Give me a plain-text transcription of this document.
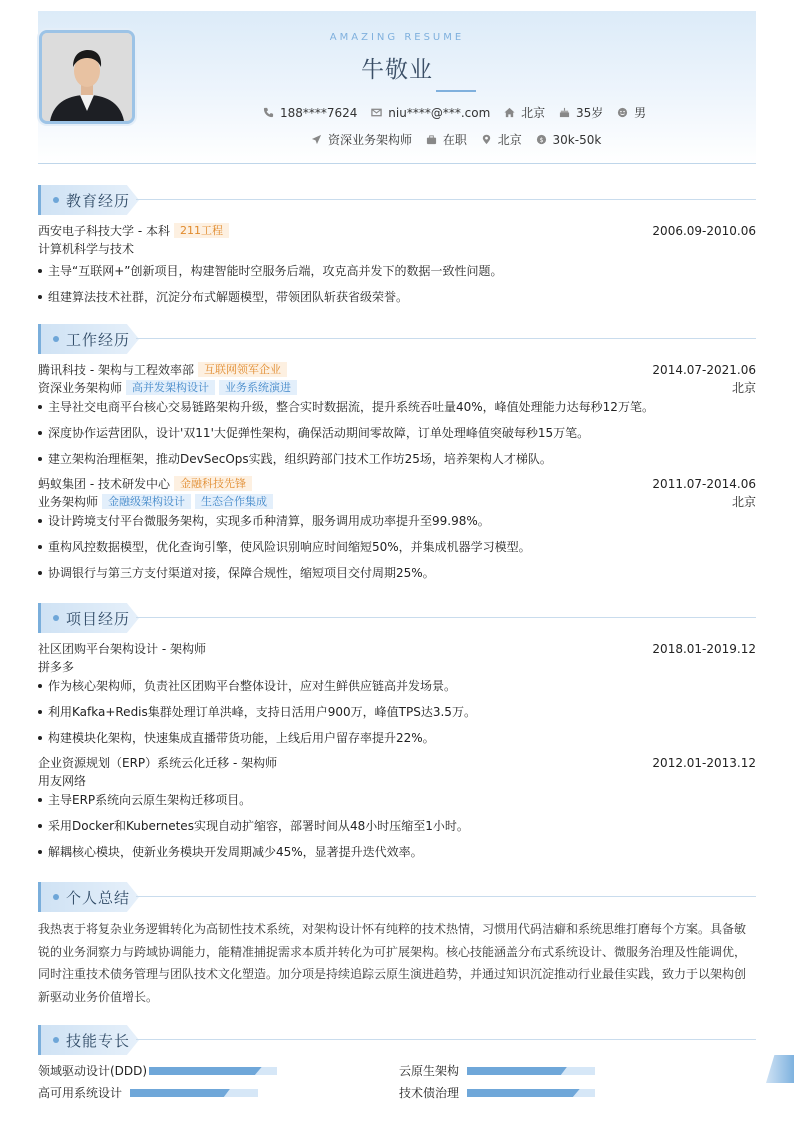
AMAZING RESUME
牛敬业
188****7624	niu****@***.com	北京	35岁	男
资深业务架构师	在职	北京 $ 30k-50k
教育经历
西安电子科技大学 - 本科 211工程	2006.09-2010.06
计算机科学与技术
主导“互联网+”创新项目，构建智能时空服务后端，攻克高并发下的数据一致性问题。
组建算法技术社群，沉淀分布式解题模型，带领团队斩获省级荣誉。
工作经历
腾讯科技 - 架构与工程效率部 互联网领军企业	2014.07-2021.06
资深业务架构师 高并发架构设计 业务系统演进	北京
主导社交电商平台核心交易链路架构升级，整合实时数据流，提升系统吞吐量40%，峰值处理能力达每秒12万笔。
深度协作运营团队，设计'双11'大促弹性架构，确保活动期间零故障，订单处理峰值突破每秒15万笔。
建立架构治理框架，推动DevSecOps实践，组织跨部门技术工作坊25场，培养架构人才梯队。
蚂蚁集团 - 技术研发中心 金融科技先锋	2011.07-2014.06
业务架构师 金融级架构设计 生态合作集成	北京
设计跨境支付平台微服务架构，实现多币种清算，服务调用成功率提升至99.98%。
重构风控数据模型，优化查询引擎，使风险识别响应时间缩短50%，并集成机器学习模型。
协调银行与第三方支付渠道对接，保障合规性，缩短项目交付周期25%。
项目经历
社区团购平台架构设计 - 架构师	2018.01-2019.12
拼多多
作为核心架构师，负责社区团购平台整体设计，应对生鲜供应链高并发场景。
利用Kafka+Redis集群处理订单洪峰，支持日活用户900万，峰值TPS达3.5万。
构建模块化架构，快速集成直播带货功能，上线后用户留存率提升22%。
企业资源规划（ERP）系统云化迁移 - 架构师	2012.01-2013.12
用友网络
主导ERP系统向云原生架构迁移项目。
采用Docker和Kubernetes实现自动扩缩容，部署时间从48小时压缩至1小时。
解耦核心模块，使新业务模块开发周期减少45%，显著提升迭代效率。
个人总结
我热衷于将复杂业务逻辑转化为高韧性技术系统，对架构设计怀有纯粹的技术热情，习惯用代码洁癖和系统思维打磨每个方案。具备敏
锐的业务洞察力与跨域协调能力，能精准捕捉需求本质并转化为可扩展架构。核心技能涵盖分布式系统设计、微服务治理及性能调优，
同时注重技术债务管理与团队技术文化塑造。加分项是持续追踪云原生演进趋势，并通过知识沉淀推动行业最佳实践，致力于以架构创
新驱动业务价值增长。
技能专长
领域驱动设计(DDD)	云原生架构
高可用系统设计	技术债治理
